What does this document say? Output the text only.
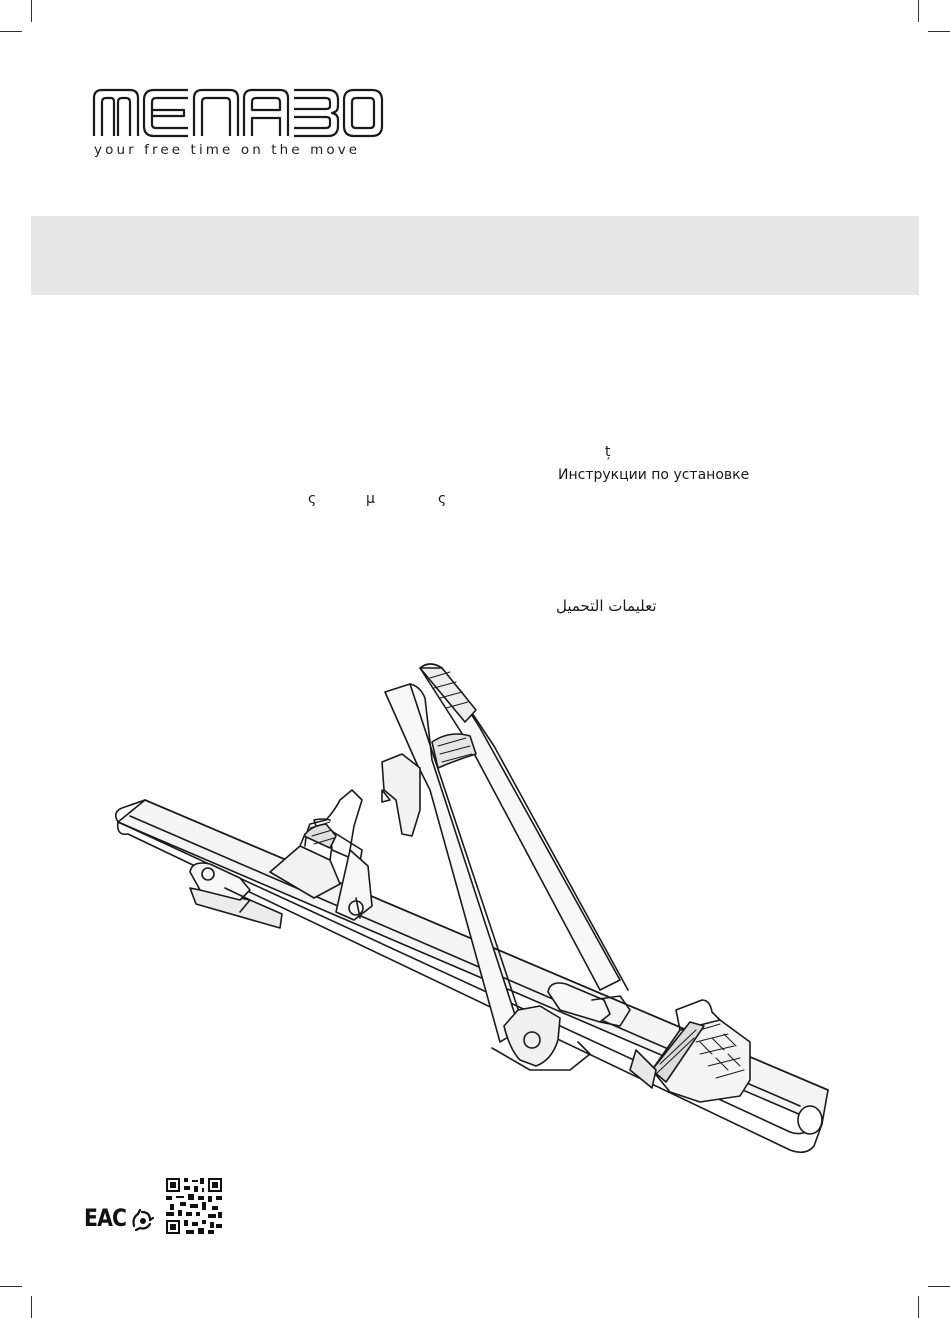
your free time on the move
ț
Инструкции по установке
ς	μ	ς
تعليمات التحميل
EAC
